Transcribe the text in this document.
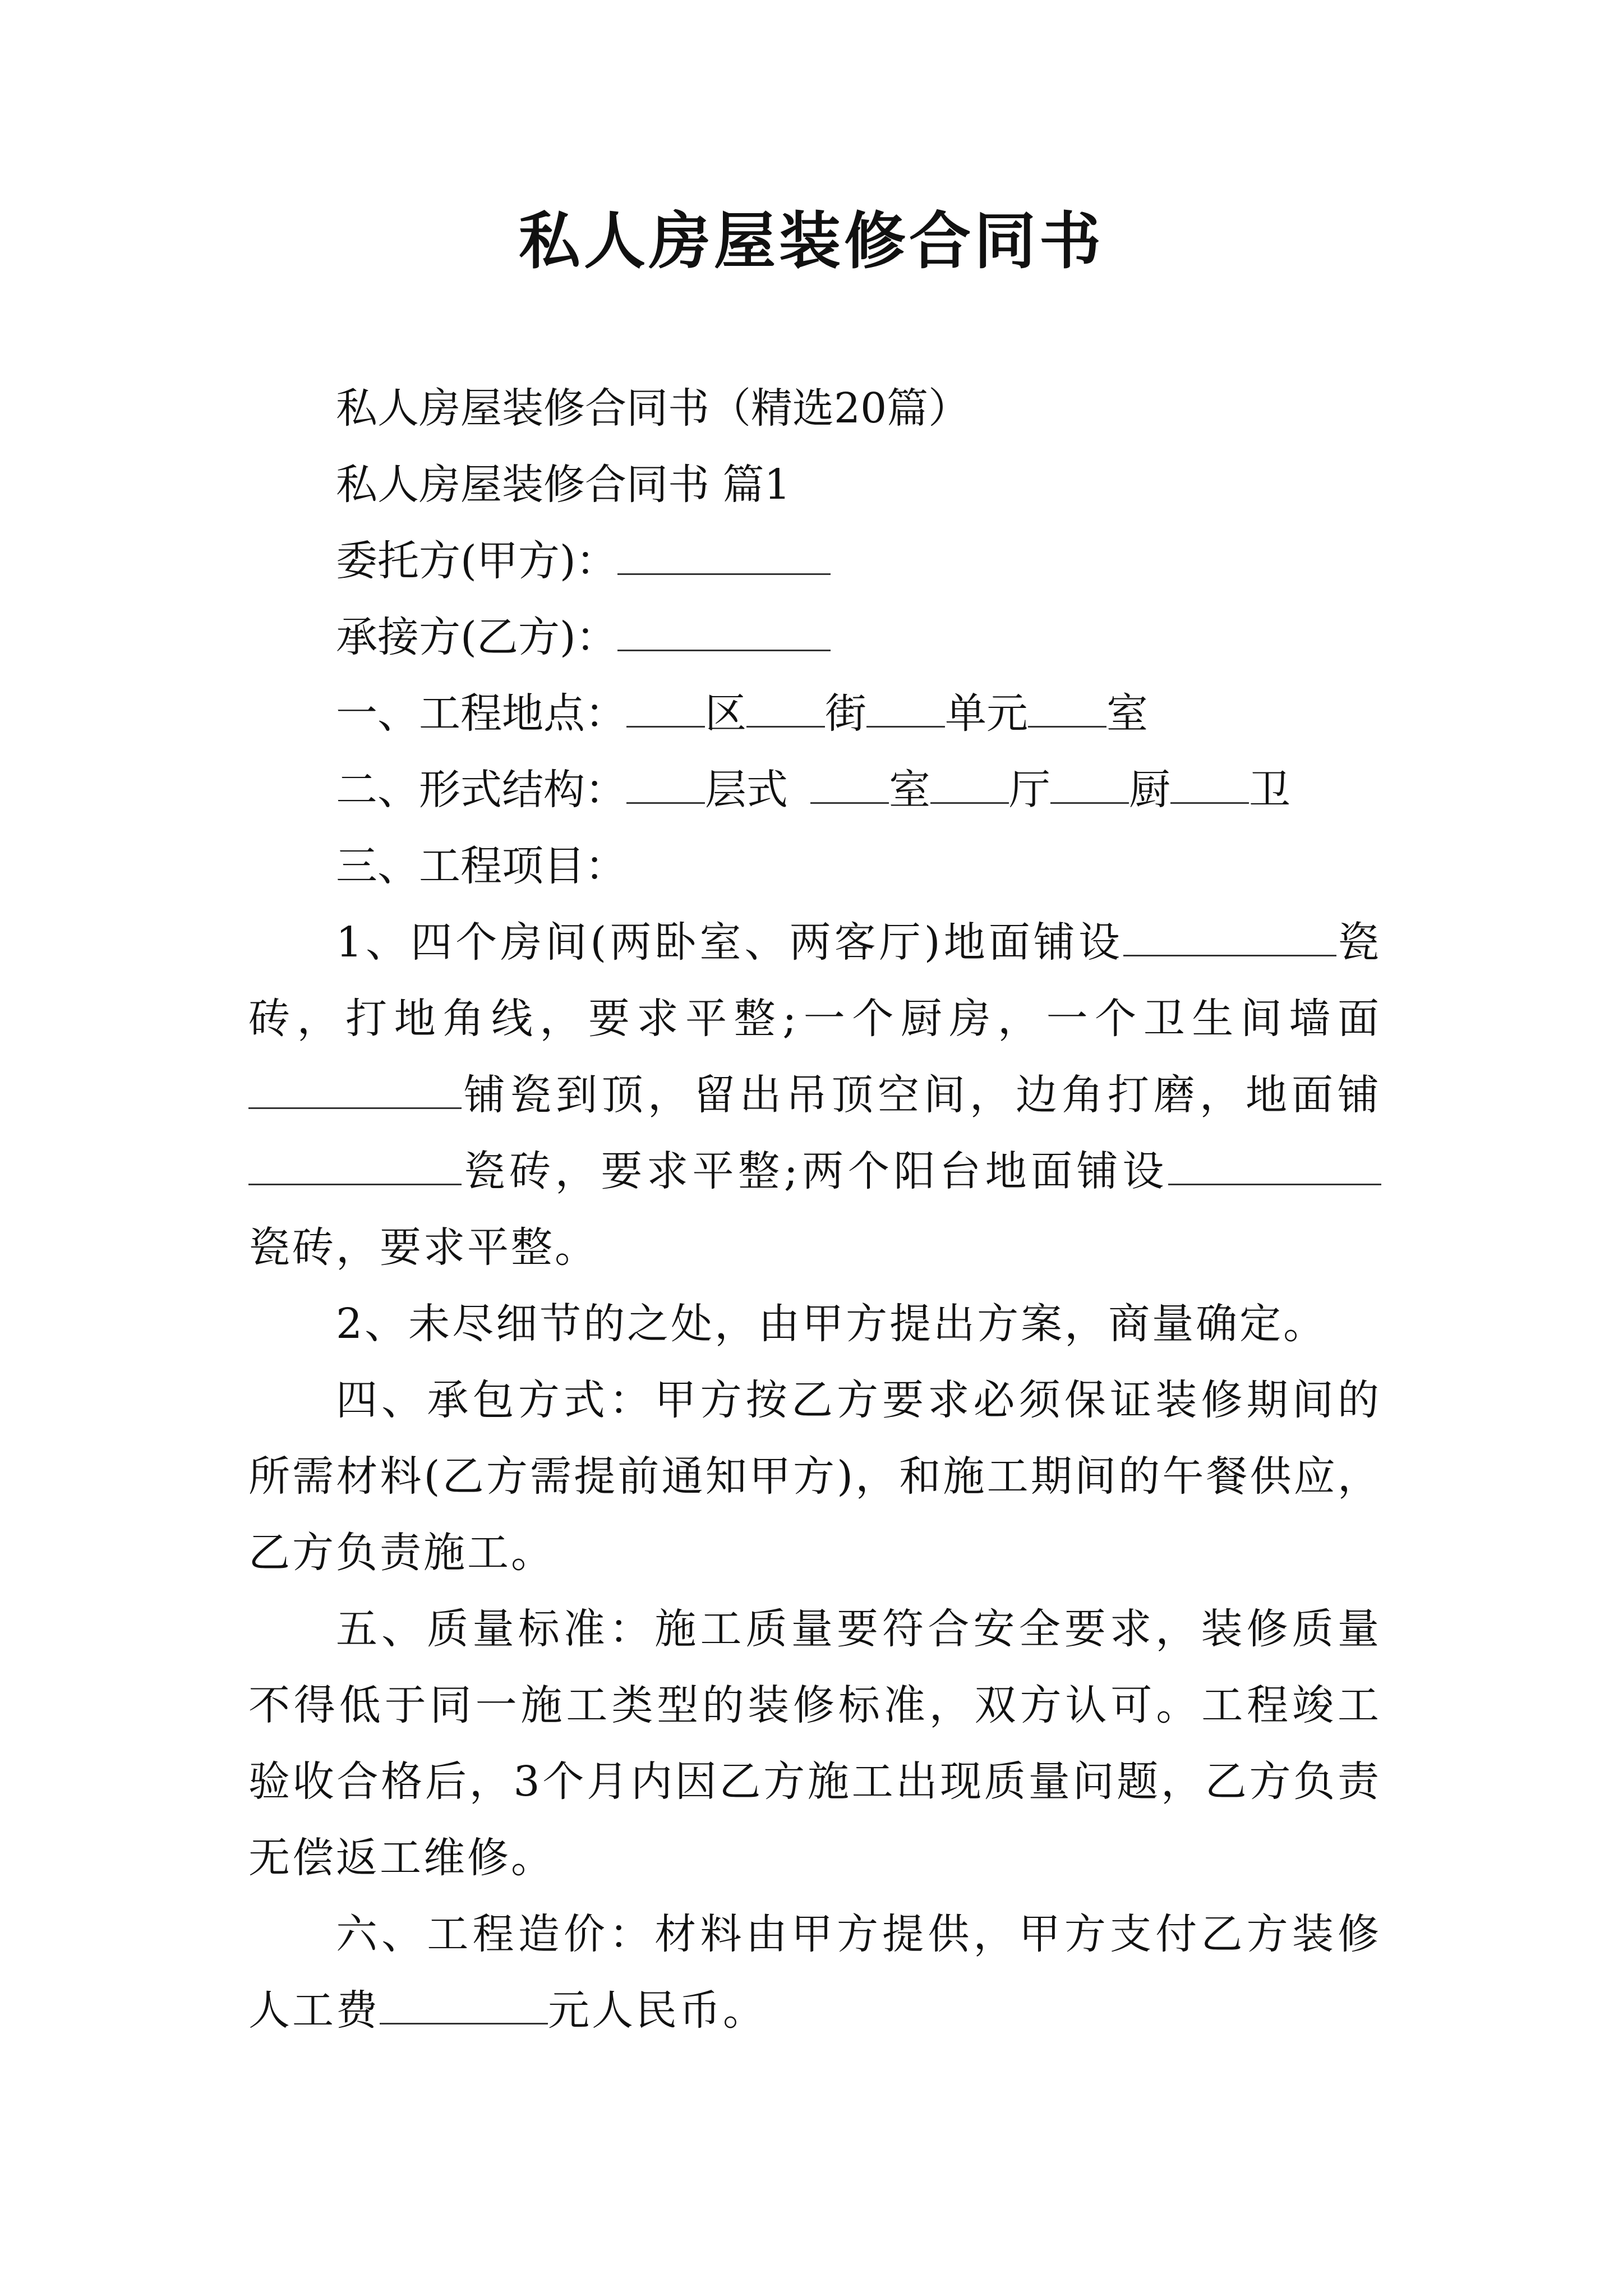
私人房屋装修合同书
私人房屋装修合同书（精选20篇）
私人房屋装修合同书 篇1
委托方(甲方)：
承接方(乙方)：
一、工程地点： 区 街 单元 室
二、形式结构： 层式 室 厅 厨 卫
三、工程项目：
1、四个房间(两卧室、两客厅)地面铺设	瓷砖，打地角线，要求平整;一个厨房，一个卫生间墙面铺瓷到顶，留出吊顶空间，边角打磨，地面铺瓷砖，要求平整;两个阳台地面铺设瓷砖，要求平整。
2、未尽细节的之处，由甲方提出方案，商量确定。
四、承包方式：甲方按乙方要求必须保证装修期间的所需材料(乙方需提前通知甲方)，和施工期间的午餐供应，乙方负责施工。
五、质量标准：施工质量要符合安全要求，装修质量不得低于同一施工类型的装修标准，双方认可。工程竣工验收合格后，3个月内因乙方施工出现质量问题，乙方负责无偿返工维修。
六、工程造价：材料由甲方提供，甲方支付乙方装修人工费	元人民币。
